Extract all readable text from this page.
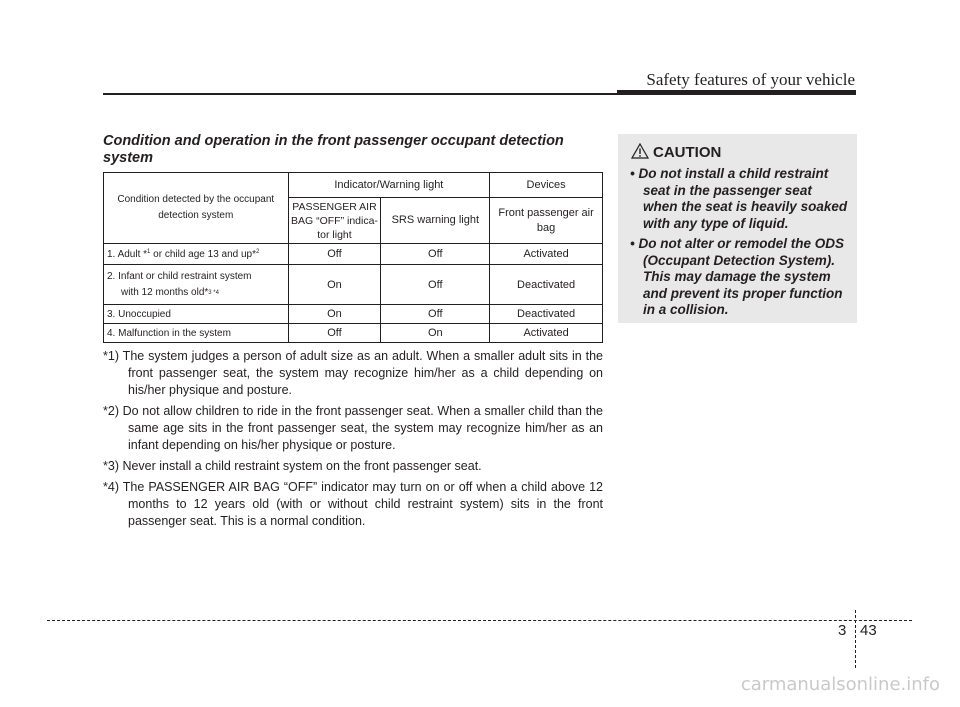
Safety features of your vehicle
Condition and operation in the front passenger occupant detection system
Condition detected by the occupant detection system	Indicator/Warning light		Devices
	PASSENGER AIR BAG “OFF” indica-tor light	SRS warning light	Front passenger air bag
1. Adult *$^1$ or child age 13 and up*$^2$	Off	Off	Activated
2. Infant or child restraint system
with 12 months old*$^{3 *4}$	On	Off	Deactivated
3. Unoccupied	On	Off	Deactivated
4. Malfunction in the system	Off	On	Activated

*1) The system judges a person of adult size as an adult. When a smaller adult sits in the front passenger seat, the system may recognize him/her as a child depending on his/her physique and posture.

*2) Do not allow children to ride in the front passenger seat. When a smaller child than the same age sits in the front passenger seat, the system may recognize him/her as an infant depending on his/her physique or posture.

*3) Never install a child restraint system on the front passenger seat.

*4) The PASSENGER AIR BAG “OFF” indicator may turn on or off when a child above 12 months to 12 years old (with or without child restraint system) sits in the front passenger seat. This is a normal condition.

CAUTION
• Do not install a child restraint seat in the passenger seat when the seat is heavily soaked with any type of liquid.
• Do not alter or remodel the ODS (Occupant Detection System). This may damage the system and prevent its proper function in a collision.
3 43
carmanualsonline.info
